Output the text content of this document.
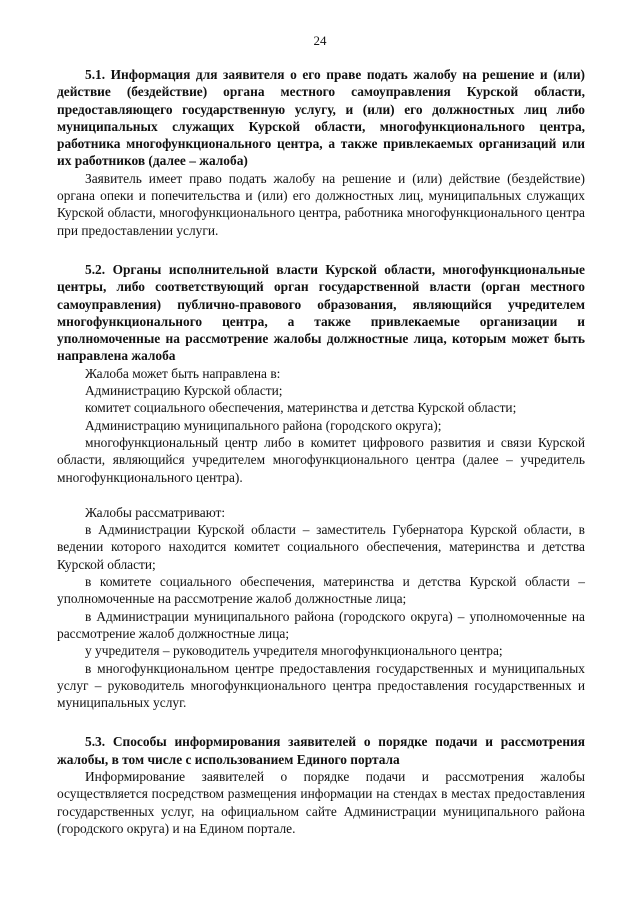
24

5.1. Информация для заявителя о его праве подать жалобу на решение и (или) действие (бездействие) органа местного самоуправления Курской области, предоставляющего государственную услугу, и (или) его должностных лиц либо муниципальных служащих Курской области, многофункционального центра, работника многофункционального центра, а также привлекаемых организаций или их работников (далее – жалоба)

Заявитель имеет право подать жалобу на решение и (или) действие (бездействие) органа опеки и попечительства и (или) его должностных лиц, муниципальных служащих Курской области, многофункционального центра, работника многофункционального центра при предоставлении услуги.

5.2. Органы исполнительной власти Курской области, многофункциональные центры, либо соответствующий орган государственной власти (орган местного самоуправления) публично-правового образования, являющийся учредителем многофункционального центра, а также привлекаемые организации и уполномоченные на рассмотрение жалобы должностные лица, которым может быть направлена жалоба

Жалоба может быть направлена в:

Администрацию Курской области;

комитет социального обеспечения, материнства и детства Курской области;

Администрацию муниципального района (городского округа);

многофункциональный центр либо в комитет цифрового развития и связи Курской области, являющийся учредителем многофункционального центра (далее – учредитель многофункционального центра).

Жалобы рассматривают:

в Администрации Курской области – заместитель Губернатора Курской области, в ведении которого находится комитет социального обеспечения, материнства и детства Курской области;

в комитете социального обеспечения, материнства и детства Курской области – уполномоченные на рассмотрение жалоб должностные лица;

в Администрации муниципального района (городского округа) – уполномоченные на рассмотрение жалоб должностные лица;

у учредителя – руководитель учредителя многофункционального центра;

в многофункциональном центре предоставления государственных и муниципальных услуг – руководитель многофункционального центра предоставления государственных и муниципальных услуг.

5.3. Способы информирования заявителей о порядке подачи и рассмотрения жалобы, в том числе с использованием Единого портала

Информирование заявителей о порядке подачи и рассмотрения жалобы осуществляется посредством размещения информации на стендах в местах предоставления государственных услуг, на официальном сайте Администрации муниципального района (городского округа) и на Едином портале.
